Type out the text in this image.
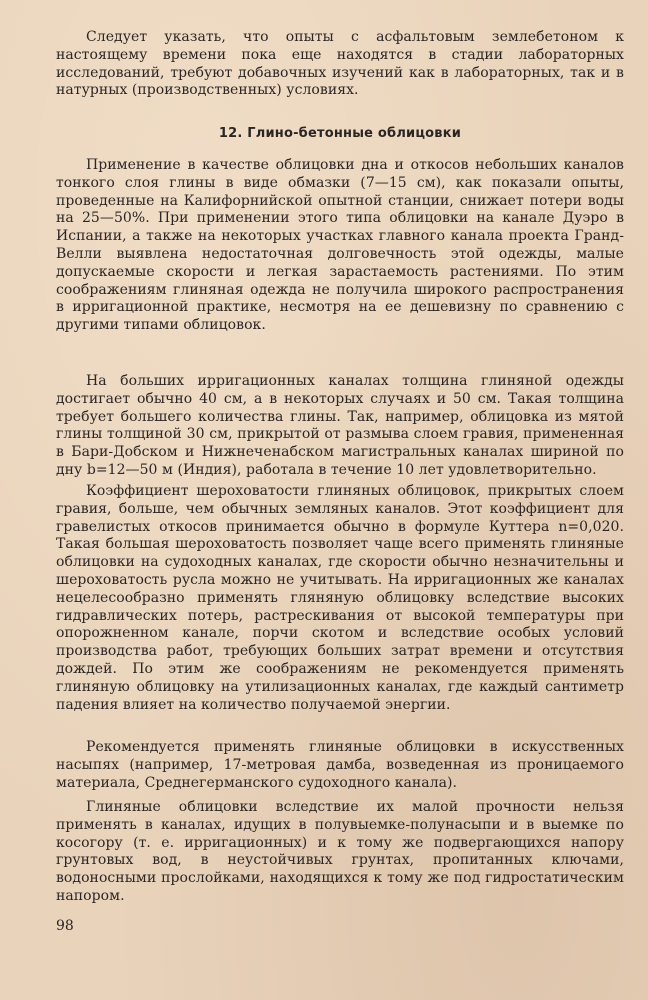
Следует указать, что опыты с асфальтовым землебетоном к настоящему времени пока еще находятся в стадии лабораторных исследований, требуют добавочных изучений как в лабораторных, так и в натурных (производственных) условиях.

12. Глино-бетонные облицовки

Применение в качестве облицовки дна и откосов небольших каналов тонкого слоя глины в виде обмазки (7—15 см), как показали опыты, проведенные на Калифорнийской опытной станции, снижает потери воды на 25—50%. При применении этого типа облицовки на канале Дуэро в Испании, а также на некоторых участках главного канала проекта Гранд-Велли выявлена недостаточная долговечность этой одежды, малые допускаемые скорости и легкая зарастаемость растениями. По этим соображениям глиняная одежда не получила широкого распространения в ирригационной практике, несмотря на ее дешевизну по сравнению с другими типами облицовок.

На больших ирригационных каналах толщина глиняной одежды достигает обычно 40 см, а в некоторых случаях и 50 см. Такая толщина требует большего количества глины. Так, например, облицовка из мятой глины толщиной 30 см, прикрытой от размыва слоем гравия, примененная в Бари-Добском и Нижнеченабском магистральных каналах шириной по дну b=12—50 м (Индия), работала в течение 10 лет удовлетворительно.

Коэффициент шероховатости глиняных облицовок, прикрытых слоем гравия, больше, чем обычных земляных каналов. Этот коэффициент для гравелистых откосов принимается обычно в формуле Куттера n=0,020. Такая большая шероховатость позволяет чаще всего применять глиняные облицовки на судоходных каналах, где скорости обычно незначительны и шероховатость русла можно не учитывать. На ирригационных же каналах нецелесообразно применять гляняную облицовку вследствие высоких гидравлических потерь, растрескивания от высокой температуры при опорожненном канале, порчи скотом и вследствие особых условий производства работ, требующих больших затрат времени и отсутствия дождей. По этим же соображениям не рекомендуется применять глиняную облицовку на утилизационных каналах, где каждый сантиметр падения влияет на количество получаемой энергии.

Рекомендуется применять глиняные облицовки в искусственных насыпях (например, 17-метровая дамба, возведенная из проницаемого материала, Среднегерманского судоходного канала).

Глиняные облицовки вследствие их малой прочности нельзя применять в каналах, идущих в полувыемке-полунасыпи и в выемке по косогору (т. е. ирригационных) и к тому же подвергающихся напору грунтовых вод, в неустойчивых грунтах, пропитанных ключами, водоносными прослойками, находящихся к тому же под гидростатическим напором.

98
